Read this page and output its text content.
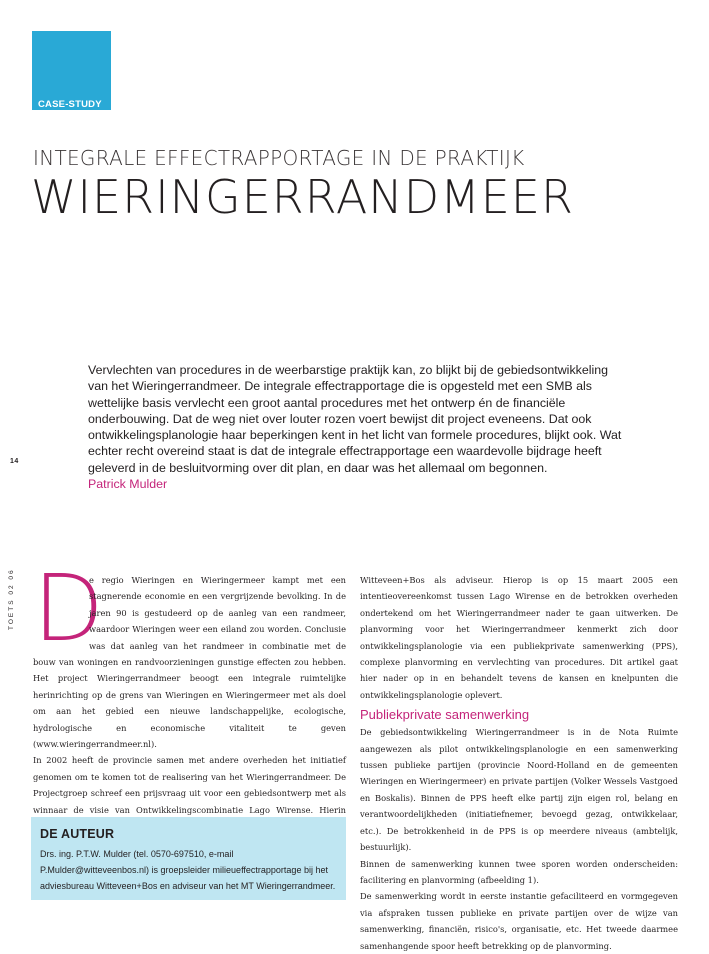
CASE-STUDY
INTEGRALE EFFECTRAPPORTAGE IN DE PRAKTIJK
WIERINGERRANDMEER
Vervlechten van procedures in de weerbarstige praktijk kan, zo blijkt bij de gebiedsontwikkeling van het Wieringerrandmeer. De integrale effectrapportage die is opgesteld met een SMB als wettelijke basis vervlecht een groot aantal procedures met het ontwerp én de financiële onderbouwing. Dat de weg niet over louter rozen voert bewijst dit project eveneens. Dat ook ontwikkelingsplanologie haar beperkingen kent in het licht van formele procedures, blijkt ook. Wat echter recht overeind staat is dat de integrale effectrapportage een waardevolle bijdrage heeft geleverd in de besluitvorming over dit plan, en daar was het allemaal om begonnen.
Patrick Mulder
14
TOETS 02 06 D

e regio Wieringen en Wieringermeer kampt met een stagnerende economie en een vergrijzende bevolking. In de jaren 90 is gestudeerd op de aanleg van een randmeer, waardoor Wieringen weer een eiland zou worden. Conclusie was dat aanleg van het randmeer in combinatie met de bouw van woningen en randvoorzieningen gunstige effecten zou hebben. Het project Wieringerrandmeer beoogt een integrale ruimtelijke herinrichting op de grens van Wieringen en Wieringermeer met als doel om aan het gebied een nieuwe landschappelijke, ecologische, hydrologische en economische vitaliteit te geven (www.wieringerrandmeer.nl).

In 2002 heeft de provincie samen met andere overheden het initiatief genomen om te komen tot de realisering van het Wieringerrandmeer. De Projectgroep schreef een prijsvraag uit voor een gebiedsontwerp met als winnaar de visie van Ontwikkelingscombinatie Lago Wirense. Hierin

Witteveen+Bos als adviseur. Hierop is op 15 maart 2005 een intentieovereenkomst tussen Lago Wirense en de betrokken overheden ondertekend om het Wieringerrandmeer nader te gaan uitwerken. De planvorming voor het Wieringerrandmeer kenmerkt zich door ontwikkelingsplanologie via een publiekprivate samenwerking (PPS), complexe planvorming en vervlechting van procedures. Dit artikel gaat hier nader op in en behandelt tevens de kansen en knelpunten die ontwikkelingsplanologie oplevert.

Publiekprivate samenwerking

De gebiedsontwikkeling Wieringerrandmeer is in de Nota Ruimte aangewezen als pilot ontwikkelingsplanologie en een samenwerking tussen publieke partijen (provincie Noord-Holland en de gemeenten Wieringen en Wieringermeer) en private partijen (Volker Wessels Vastgoed en Boskalis). Binnen de PPS heeft elke partij zijn eigen rol, belang en verantwoordelijkheden (initiatiefnemer, bevoegd gezag, ontwikkelaar, etc.). De betrokkenheid in de PPS is op meerdere niveaus (ambtelijk, bestuurlijk).

Binnen de samenwerking kunnen twee sporen worden onderscheiden: facilitering en planvorming (afbeelding 1).

De samenwerking wordt in eerste instantie gefaciliteerd en vormgegeven via afspraken tussen publieke en private partijen over de wijze van samenwerking, financiën, risico's, organisatie, etc. Het tweede daarmee samenhangende spoor heeft betrekking op de planvorming.

DE AUTEUR
Drs. ing. P.T.W. Mulder (tel. 0570-697510, e-mail P.Mulder@witteveenbos.nl) is groepsleider milieueffectrapportage bij het adviesbureau Witteveen+Bos en adviseur van het MT Wieringerrandmeer.
